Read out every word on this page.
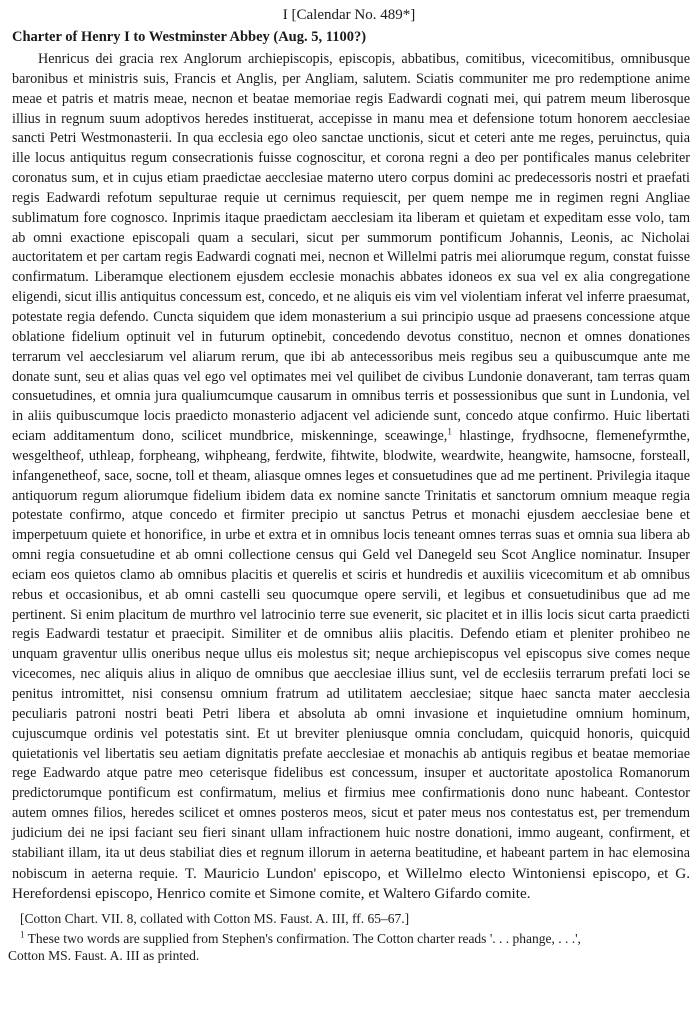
I [Calendar No. 489*]

Charter of Henry I to Westminster Abbey (Aug. 5, 1100?)

Henricus dei gracia rex Anglorum archiepiscopis, episcopis, abbatibus, comitibus, vicecomitibus, omnibusque baronibus et ministris suis, Francis et Anglis, per Angliam, salutem. Sciatis communiter me pro redemptione anime meae et patris et matris meae, necnon et beatae memoriae regis Eadwardi cognati mei, qui patrem meum liberosque illius in regnum suum adoptivos heredes instituerat, accepisse in manu mea et defensione totum honorem aecclesiae sancti Petri Westmonasterii. In qua ecclesia ego oleo sanctae unctionis, sicut et ceteri ante me reges, peruinctus, quia ille locus antiquitus regum consecrationis fuisse cognoscitur, et corona regni a deo per pontificales manus celebriter coronatus sum, et in cujus etiam praedictae aecclesiae materno utero corpus domini ac predecessoris nostri et praefati regis Eadwardi refotum sepulturae requie ut cernimus requiescit, per quem nempe me in regimen regni Angliae sublimatum fore cognosco. Inprimis itaque praedictam aecclesiam ita liberam et quietam et expeditam esse volo, tam ab omni exactione episcopali quam a seculari, sicut per summorum pontificum Johannis, Leonis, ac Nicholai auctoritatem et per cartam regis Eadwardi cognati mei, necnon et Willelmi patris mei aliorumque regum, constat fuisse confirmatum. Liberamque electionem ejusdem ecclesie monachis abbates idoneos ex sua vel ex alia congregatione eligendi, sicut illis antiquitus concessum est, concedo, et ne aliquis eis vim vel violentiam inferat vel inferre praesumat, potestate regia defendo. Cuncta siquidem que idem monasterium a sui principio usque ad praesens concessione atque oblatione fidelium optinuit vel in futurum optinebit, concedendo devotus constituo, necnon et omnes donationes terrarum vel aecclesiarum vel aliarum rerum, que ibi ab antecessoribus meis regibus seu a quibuscumque ante me donate sunt, seu et alias quas vel ego vel optimates mei vel quilibet de civibus Lundonie donaverant, tam terras quam consuetudines, et omnia jura qualiumcumque causarum in omnibus terris et possessionibus que sunt in Lundonia, vel in aliis quibuscumque locis praedicto monasterio adjacent vel adiciende sunt, concedo atque confirmo. Huic libertati eciam additamentum dono, scilicet mundbrice, miskenninge, sceawinge,$^1$ hlastinge, frydhsocne, flemenefyrmthe, wesgeltheof, uthleap, forpheang, wihpheang, ferdwite, fihtwite, blodwite, weardwite, heangwite, hamsocne, forsteall, infangenetheof, sace, socne, toll et theam, aliasque omnes leges et consuetudines que ad me pertinent. Privilegia itaque antiquorum regum aliorumque fidelium ibidem data ex nomine sancte Trinitatis et sanctorum omnium meaque regia potestate confirmo, atque concedo et firmiter precipio ut sanctus Petrus et monachi ejusdem aecclesiae bene et imperpetuum quiete et honorifice, in urbe et extra et in omnibus locis teneant omnes terras suas et omnia sua libera ab omni regia consuetudine et ab omni collectione census qui Geld vel Danegeld seu Scot Anglice nominatur. Insuper eciam eos quietos clamo ab omnibus placitis et querelis et sciris et hundredis et auxiliis vicecomitum et ab omnibus rebus et occasionibus, et ab omni castelli seu quocumque opere servili, et legibus et consuetudinibus que ad me pertinent. Si enim placitum de murthro vel latrocinio terre sue evenerit, sic placitet et in illis locis sicut carta praedicti regis Eadwardi testatur et praecipit. Similiter et de omnibus aliis placitis. Defendo etiam et pleniter prohibeo ne unquam graventur ullis oneribus neque ullus eis molestus sit; neque archiepiscopus vel episcopus sive comes neque vicecomes, nec aliquis alius in aliquo de omnibus que aecclesiae illius sunt, vel de ecclesiis terrarum prefati loci se penitus intromittet, nisi consensu omnium fratrum ad utilitatem aecclesiae; sitque haec sancta mater aecclesia peculiaris patroni nostri beati Petri libera et absoluta ab omni invasione et inquietudine omnium hominum, cujuscumque ordinis vel potestatis sint. Et ut breviter pleniusque omnia concludam, quicquid honoris, quicquid quietationis vel libertatis seu aetiam dignitatis prefate aecclesiae et monachis ab antiquis regibus et beatae memoriae rege Eadwardo atque patre meo ceterisque fidelibus est concessum, insuper et auctoritate apostolica Romanorum predictorumque pontificum est confirmatum, melius et firmius mee confirmationis dono nunc habeant. Contestor autem omnes filios, heredes scilicet et omnes posteros meos, sicut et pater meus nos contestatus est, per tremendum judicium dei ne ipsi faciant seu fieri sinant ullam infractionem huic nostre donationi, immo augeant, confirment, et stabiliant illam, ita ut deus stabiliat dies et regnum illorum in aeterna beatitudine, et habeant partem in hac elemosina nobiscum in aeterna requie. T. Mauricio Lundon' episcopo, et Willelmo electo Wintoniensi episcopo, et G. Herefordensi episcopo, Henrico comite et Simone comite, et Waltero Gifardo comite.

[Cotton Chart. VII. 8, collated with Cotton MS. Faust. A. III, ff. 65–67.]

$^1$ These two words are supplied from Stephen's confirmation. The Cotton charter reads '. . . phange, . . .',
Cotton MS. Faust. A. III as printed.
